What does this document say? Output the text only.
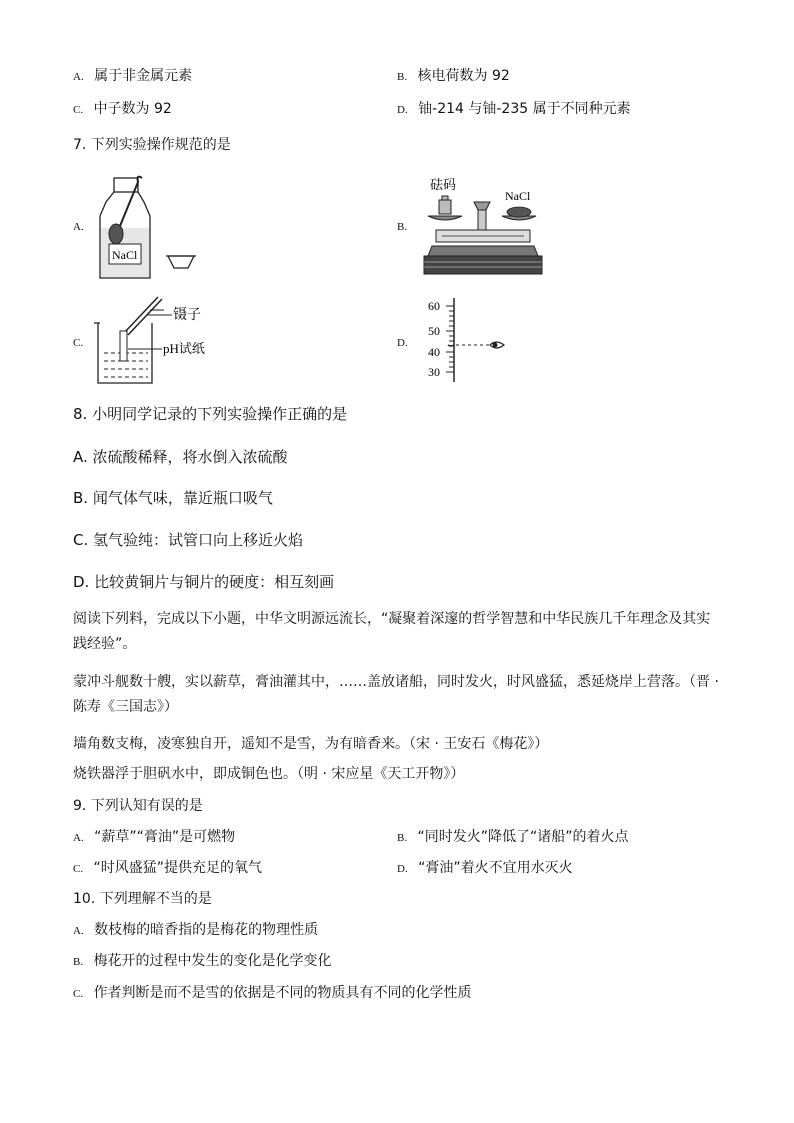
A. 属于非金属元素	B. 核电荷数为 92
C. 中子数为 92	D. 铀-214 与铀-235 属于不同种元素
7. 下列实验操作规范的是
A.
NaCl
B.
砝码
NaCl
C.
镊子
pH试纸	D.
60
50
40
30
8. 小明同学记录的下列实验操作正确的是
A. 浓硫酸稀释，将水倒入浓硫酸
B. 闻气体气味，靠近瓶口吸气
C. 氢气验纯：试管口向上移近火焰
D. 比较黄铜片与铜片的硬度：相互刻画
阅读下列料，完成以下小题，中华文明源远流长，“凝聚着深邃的哲学智慧和中华民族几千年理念及其实践经验”。
蒙冲斗舰数十艘，实以薪草，膏油灌其中，……盖放诸船，同时发火，时风盛猛，悉延烧岸上营落。（晋 · 陈寿《三国志》）
墙角数支梅，凌寒独自开，遥知不是雪，为有暗香来。（宋 · 王安石《梅花》）
烧铁器浮于胆矾水中，即成铜色也。（明 · 宋应星《天工开物》）
9. 下列认知有误的是
A. “薪草”“膏油”是可燃物	B. “同时发火”降低了“诸船”的着火点
C. “时风盛猛”提供充足的氧气	D. “膏油”着火不宜用水灭火
10. 下列理解不当的是
A. 数枝梅的暗香指的是梅花的物理性质
B. 梅花开的过程中发生的变化是化学变化
C. 作者判断是而不是雪的依据是不同的物质具有不同的化学性质
